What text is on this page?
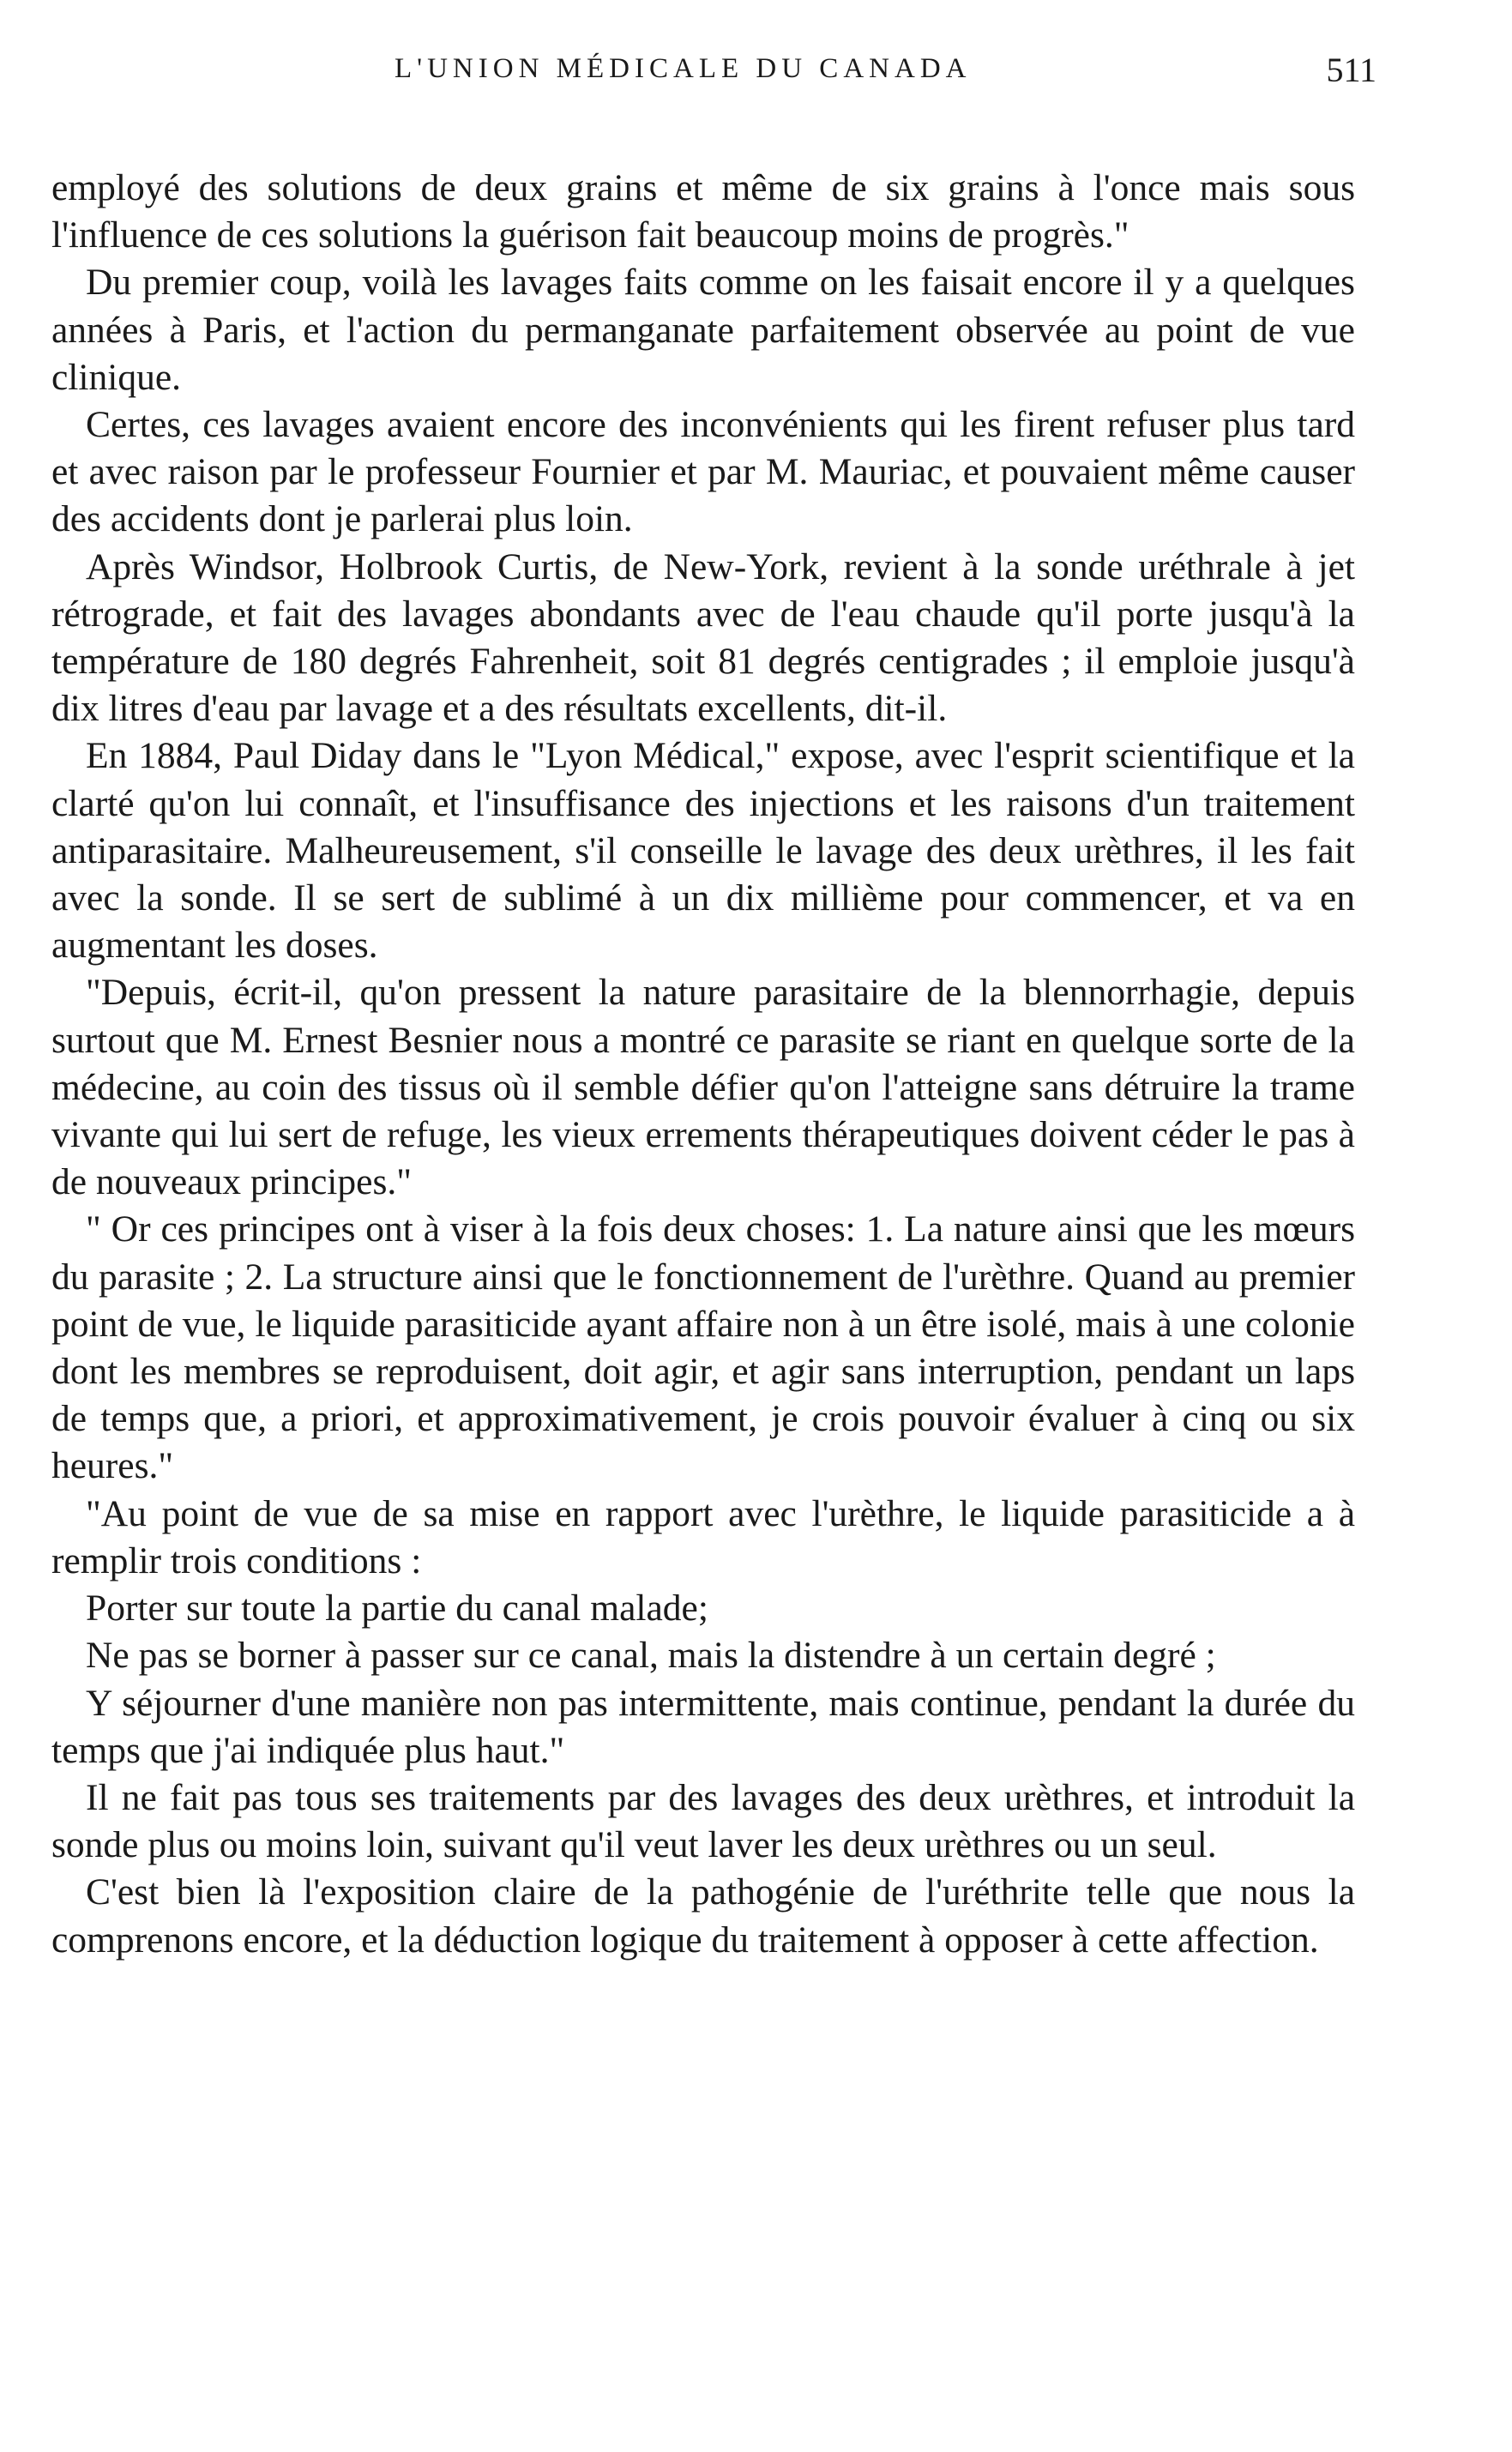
L'UNION MÉDICALE DU CANADA	511

employé des solutions de deux grains et même de six grains à l'once mais sous l'influence de ces solutions la guérison fait beaucoup moins de progrès."

Du premier coup, voilà les lavages faits comme on les faisait encore il y a quelques années à Paris, et l'action du permanganate parfaitement observée au point de vue clinique.

Certes, ces lavages avaient encore des inconvénients qui les firent refuser plus tard et avec raison par le professeur Fournier et par M. Mauriac, et pouvaient même causer des accidents dont je parlerai plus loin.

Après Windsor, Holbrook Curtis, de New-York, revient à la sonde uréthrale à jet rétrograde, et fait des lavages abondants avec de l'eau chaude qu'il porte jusqu'à la température de 180 degrés Fahrenheit, soit 81 degrés centigrades ; il emploie jusqu'à dix litres d'eau par lavage et a des résultats excellents, dit-il.

En 1884, Paul Diday dans le "Lyon Médical," expose, avec l'esprit scientifique et la clarté qu'on lui connaît, et l'insuffisance des injections et les raisons d'un traitement antiparasitaire. Malheureusement, s'il conseille le lavage des deux urèthres, il les fait avec la sonde. Il se sert de sublimé à un dix millième pour commencer, et va en augmentant les doses.

"Depuis, écrit-il, qu'on pressent la nature parasitaire de la blennorrhagie, depuis surtout que M. Ernest Besnier nous a montré ce parasite se riant en quelque sorte de la médecine, au coin des tissus où il semble défier qu'on l'atteigne sans détruire la trame vivante qui lui sert de refuge, les vieux errements thérapeutiques doivent céder le pas à de nouveaux principes."

" Or ces principes ont à viser à la fois deux choses: 1. La nature ainsi que les mœurs du parasite ; 2. La structure ainsi que le fonctionnement de l'urèthre. Quand au premier point de vue, le liquide parasiticide ayant affaire non à un être isolé, mais à une colonie dont les membres se reproduisent, doit agir, et agir sans interruption, pendant un laps de temps que, a priori, et approximativement, je crois pouvoir évaluer à cinq ou six heures."

"Au point de vue de sa mise en rapport avec l'urèthre, le liquide parasiticide a à remplir trois conditions :

Porter sur toute la partie du canal malade;

Ne pas se borner à passer sur ce canal, mais la distendre à un certain degré ;

Y séjourner d'une manière non pas intermittente, mais continue, pendant la durée du temps que j'ai indiquée plus haut."

Il ne fait pas tous ses traitements par des lavages des deux urèthres, et introduit la sonde plus ou moins loin, suivant qu'il veut laver les deux urèthres ou un seul.

C'est bien là l'exposition claire de la pathogénie de l'uréthrite telle que nous la comprenons encore, et la déduction logique du traitement à opposer à cette affection.
